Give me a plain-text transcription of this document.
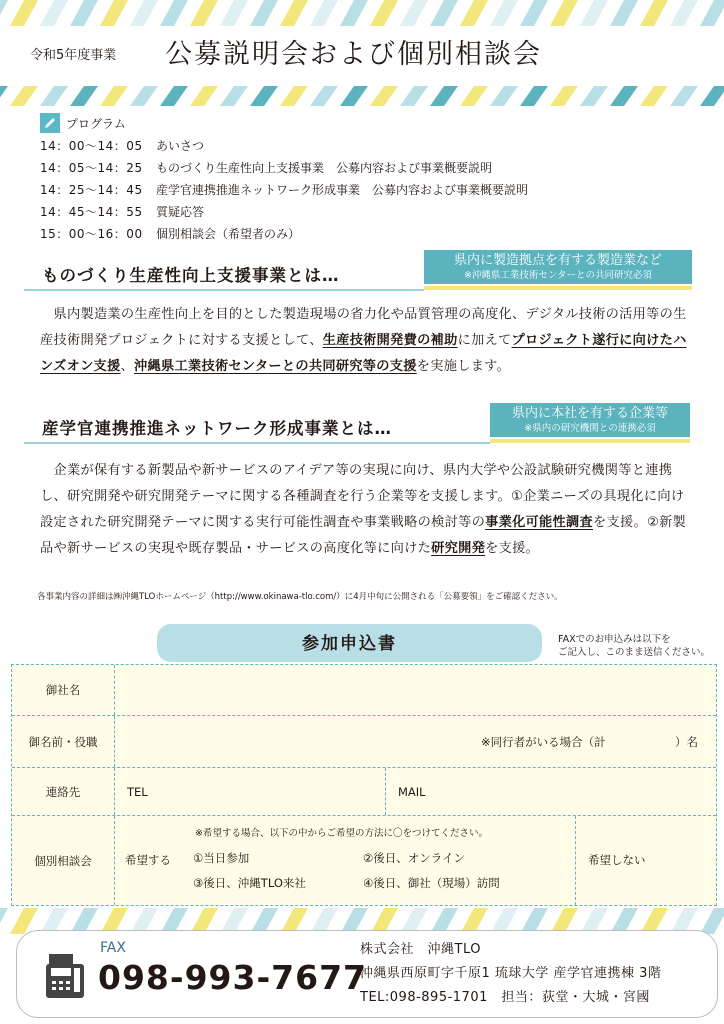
令和5年度事業 公募説明会および個別相談会
プログラム
14：00～14：05	あいさつ
14：05～14：25	ものづくり生産性向上支援事業　公募内容および事業概要説明
14：25～14：45	産学官連携推進ネットワーク形成事業　公募内容および事業概要説明
14：45～14：55	質疑応答
15：00～16：00	個別相談会（希望者のみ）
ものづくり生産性向上支援事業とは…
県内に製造拠点を有する製造業など
※沖縄県工業技術センターとの共同研究必須
　県内製造業の生産性向上を目的とした製造現場の省力化や品質管理の高度化、デジタル技術の活用等の生産技術開発プロジェクトに対する支援として、生産技術開発費の補助に加えてプロジェクト遂行に向けたハンズオン支援、沖縄県工業技術センターとの共同研究等の支援を実施します。
産学官連携推進ネットワーク形成事業とは…
県内に本社を有する企業等
※県内の研究機関との連携必須
　企業が保有する新製品や新サービスのアイデア等の実現に向け、県内大学や公設試験研究機関等と連携し、研究開発や研究開発テーマに関する各種調査を行う企業等を支援します。①企業ニーズの具現化に向け設定された研究開発テーマに関する実行可能性調査や事業戦略の検討等の事業化可能性調査を支援。②新製品や新サービスの実現や既存製品・サービスの高度化等に向けた研究開発を支援。
各事業内容の詳細は㈱沖縄TLOホームページ（http://www.okinawa-tlo.com/）に4月中旬に公開される「公募要領」をご確認ください。
参加申込書	FAXでのお申込みは以下を
ご記入し、このまま送信ください。
御社名
御名前・役職	※同行者がいる場合（計	）名
連絡先	TEL	MAIL
個別相談会
※希望する場合、以下の中からご希望の方法に〇をつけてください。
希望する ①当日参加	②後日、オンライン
③後日、沖縄TLO来社	④後日、御社（現場）訪問
希望しない
FAX
098-993-7677
株式会社　沖縄TLO
沖縄県西原町字千原1 琉球大学 産学官連携棟 3階
TEL:098-895-1701　担当：荻堂・大城・宮國
